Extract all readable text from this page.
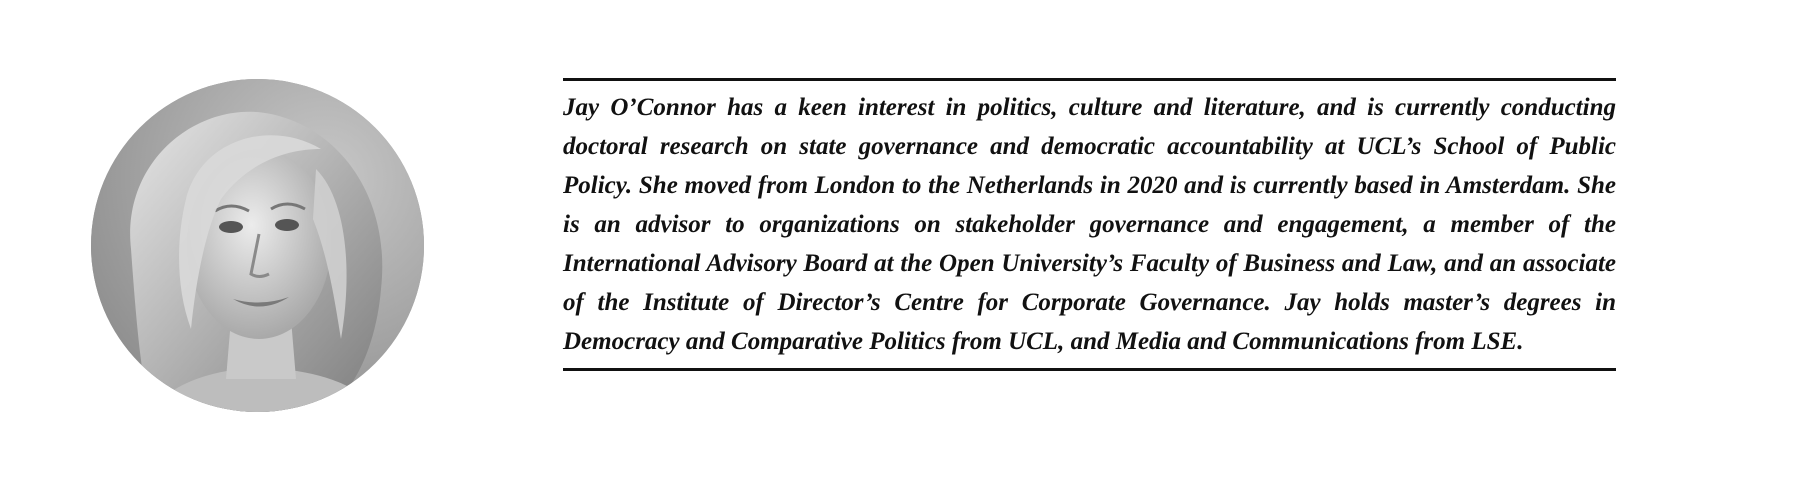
Jay O’Connor has a keen interest in politics, culture and literature, and is currently conducting doctoral research on state governance and democratic accountability at UCL’s School of Public Policy. She moved from London to the Netherlands in 2020 and is currently based in Amsterdam. She is an advisor to organizations on stakeholder governance and engagement, a member of the International Advisory Board at the Open University’s Faculty of Business and Law, and an associate of the Institute of Director’s Centre for Corporate Governance. Jay holds master’s degrees in Democracy and Comparative Politics from UCL, and Media and Communications from LSE.
